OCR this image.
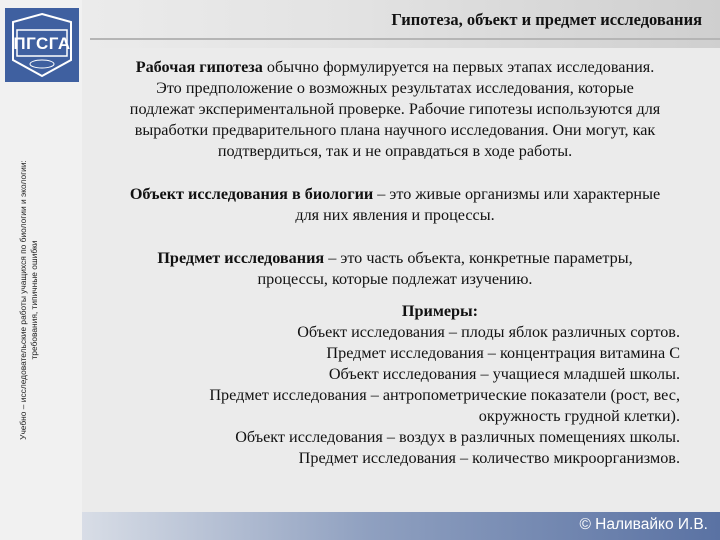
ПГСГА
Учебно – исследовательские работы учащихся по биологии и экологии: требования, типичные ошибки
Гипотеза, объект и предмет исследования
Рабочая гипотеза обычно формулируется на первых этапах исследования.
Это предположение о возможных результатах исследования, которые
подлежат экспериментальной проверке. Рабочие гипотезы используются для
выработки предварительного плана научного исследования. Они могут, как
подтвердиться, так и не оправдаться в ходе работы.
Объект исследования в биологии – это живые организмы или характерные
для них явления и процессы.
Предмет исследования – это часть объекта, конкретные параметры,
процессы, которые подлежат изучению.
Примеры:
Объект исследования – плоды яблок различных сортов.
Предмет исследования – концентрация витамина С
Объект исследования – учащиеся младшей школы.
Предмет исследования – антропометрические показатели (рост, вес,
окружность грудной клетки).
Объект исследования – воздух в различных помещениях школы.
Предмет исследования – количество микроорганизмов.
© Наливайко И.В.
